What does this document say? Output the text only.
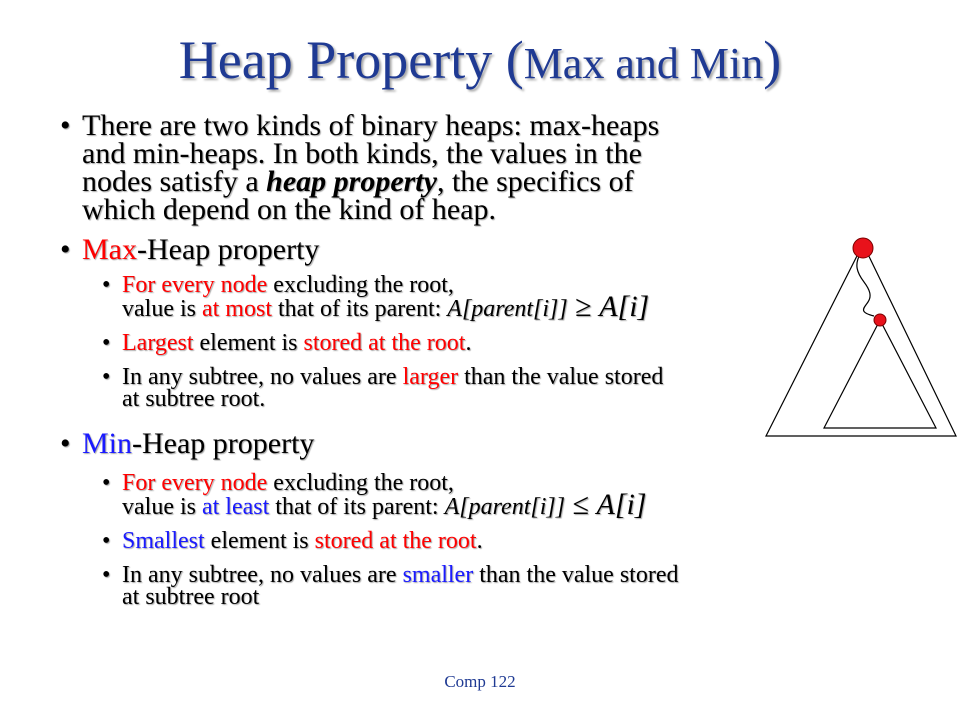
Heap Property (Max and Min)
• There are two kinds of binary heaps: max-heaps
and min-heaps. In both kinds, the values in the
nodes satisfy a heap property, the specifics of
which depend on the kind of heap.
• Max-Heap property
• For every node excluding the root,
value is at most that of its parent: A[parent[i]] ≥ A[i]
• Largest element is stored at the root.
• In any subtree, no values are larger than the value stored
at subtree root.
• Min-Heap property
• For every node excluding the root,
value is at least that of its parent: A[parent[i]] ≤ A[i]
• Smallest element is stored at the root.
• In any subtree, no values are smaller than the value stored
at subtree root
Comp 122
